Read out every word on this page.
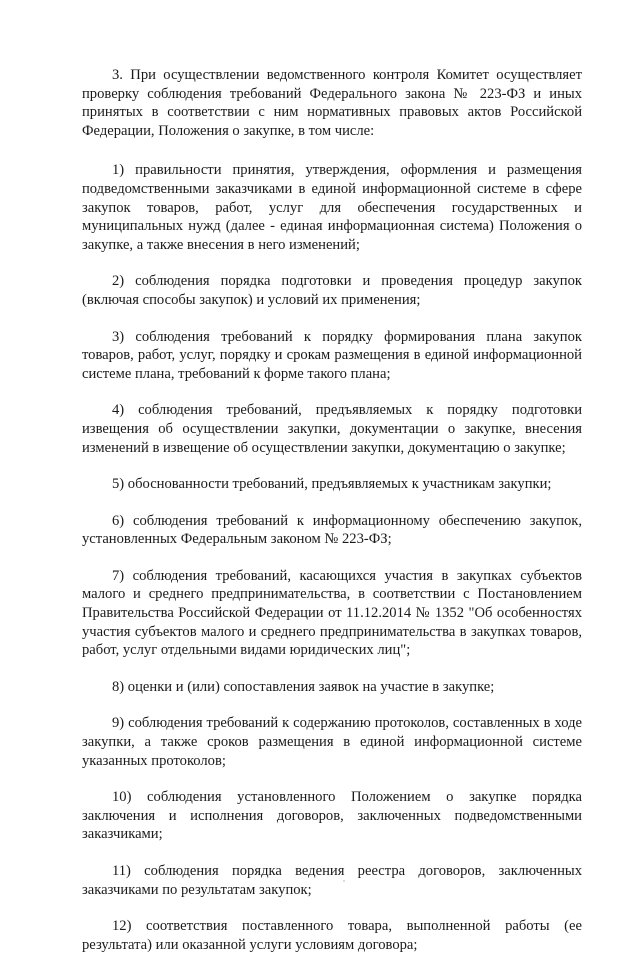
3. При осуществлении ведомственного контроля Комитет осуществляет проверку соблюдения требований Федерального закона № 223-ФЗ и иных принятых в соответствии с ним нормативных правовых актов Российской Федерации, Положения о закупке, в том числе:

1) правильности принятия, утверждения, оформления и размещения подведомственными заказчиками в единой информационной системе в сфере закупок товаров, работ, услуг для обеспечения государственных и муниципальных нужд (далее - единая информационная система) Положения о закупке, а также внесения в него изменений;

2) соблюдения порядка подготовки и проведения процедур закупок (включая способы закупок) и условий их применения;

3) соблюдения требований к порядку формирования плана закупок товаров, работ, услуг, порядку и срокам размещения в единой информационной системе плана, требований к форме такого плана;

4) соблюдения требований, предъявляемых к порядку подготовки извещения об осуществлении закупки, документации о закупке, внесения изменений в извещение об осуществлении закупки, документацию о закупке;

5) обоснованности требований, предъявляемых к участникам закупки;

6) соблюдения требований к информационному обеспечению закупок, установленных Федеральным законом № 223-ФЗ;

7) соблюдения требований, касающихся участия в закупках субъектов малого и среднего предпринимательства, в соответствии с Постановлением Правительства Российской Федерации от 11.12.2014 № 1352 "Об особенностях участия субъектов малого и среднего предпринимательства в закупках товаров, работ, услуг отдельными видами юридических лиц";

8) оценки и (или) сопоставления заявок на участие в закупке;

9) соблюдения требований к содержанию протоколов, составленных в ходе закупки, а также сроков размещения в единой информационной системе указанных протоколов;

10) соблюдения установленного Положением о закупке порядка заключения и исполнения договоров, заключенных подведомственными заказчиками;

11) соблюдения порядка ведения реестра договоров, заключенных заказчиками по результатам закупок;

12) соответствия поставленного товара, выполненной работы (ее результата) или оказанной услуги условиям договора;
